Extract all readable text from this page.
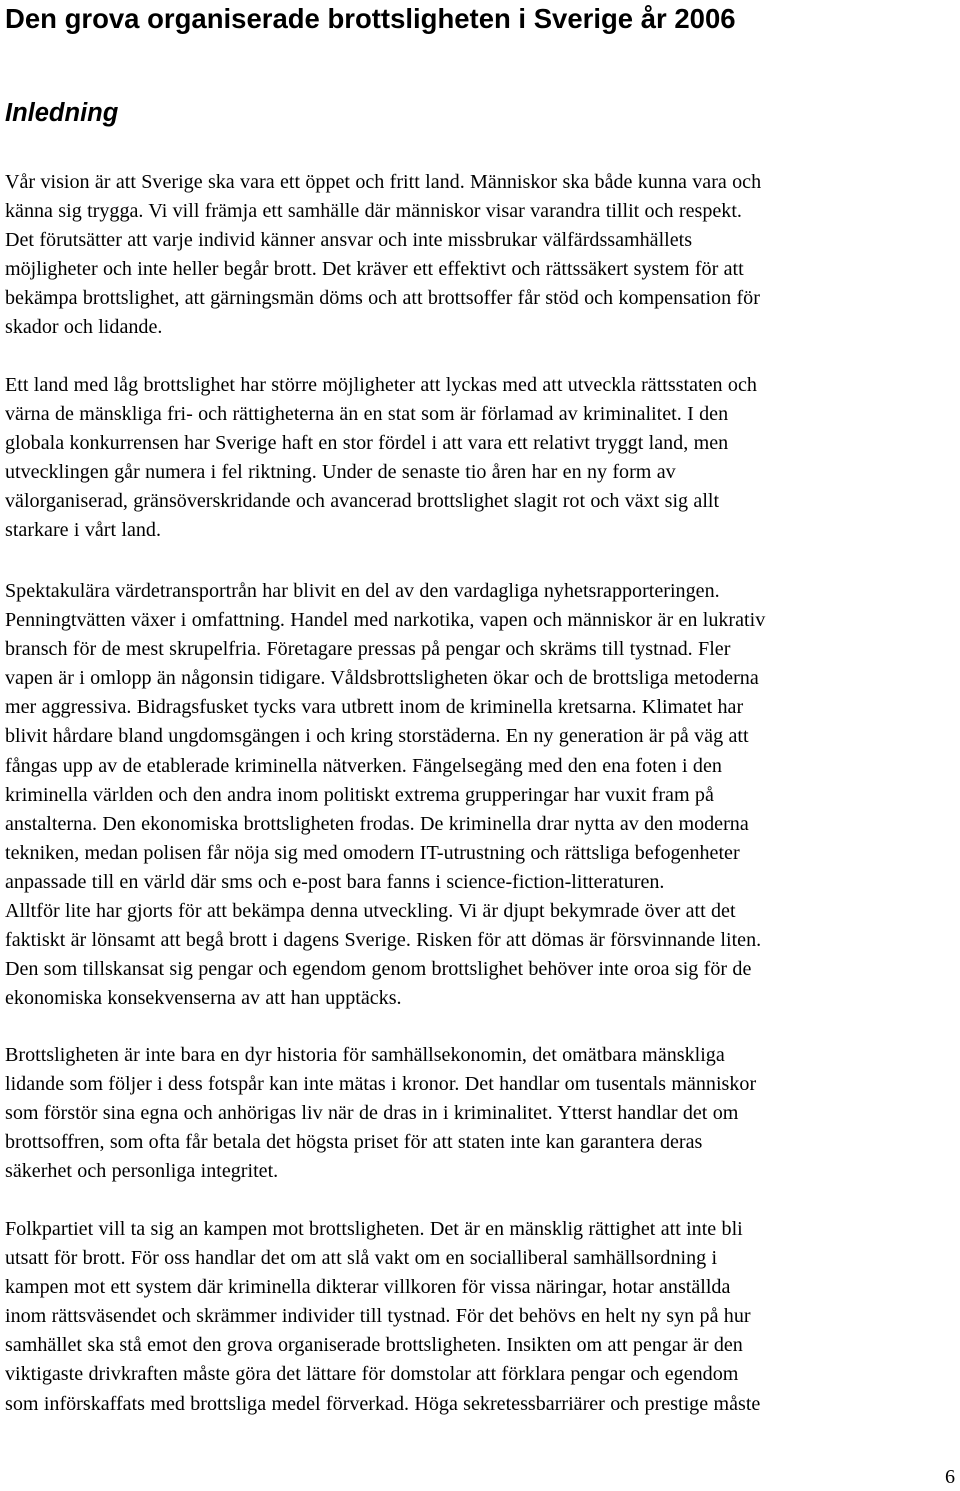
Den grova organiserade brottsligheten i Sverige år 2006
Inledning
Vår vision är att Sverige ska vara ett öppet och fritt land. Människor ska både kunna vara och
känna sig trygga. Vi vill främja ett samhälle där människor visar varandra tillit och respekt.
Det förutsätter att varje individ känner ansvar och inte missbrukar välfärdssamhällets
möjligheter och inte heller begår brott. Det kräver ett effektivt och rättssäkert system för att
bekämpa brottslighet, att gärningsmän döms och att brottsoffer får stöd och kompensation för
skador och lidande.
Ett land med låg brottslighet har större möjligheter att lyckas med att utveckla rättsstaten och
värna de mänskliga fri- och rättigheterna än en stat som är förlamad av kriminalitet. I den
globala konkurrensen har Sverige haft en stor fördel i att vara ett relativt tryggt land, men
utvecklingen går numera i fel riktning. Under de senaste tio åren har en ny form av
välorganiserad, gränsöverskridande och avancerad brottslighet slagit rot och växt sig allt
starkare i vårt land.
Spektakulära värdetransportrån har blivit en del av den vardagliga nyhetsrapporteringen.
Penningtvätten växer i omfattning. Handel med narkotika, vapen och människor är en lukrativ
bransch för de mest skrupelfria. Företagare pressas på pengar och skräms till tystnad. Fler
vapen är i omlopp än någonsin tidigare. Våldsbrottsligheten ökar och de brottsliga metoderna
mer aggressiva. Bidragsfusket tycks vara utbrett inom de kriminella kretsarna. Klimatet har
blivit hårdare bland ungdomsgängen i och kring storstäderna. En ny generation är på väg att
fångas upp av de etablerade kriminella nätverken. Fängelsegäng med den ena foten i den
kriminella världen och den andra inom politiskt extrema grupperingar har vuxit fram på
anstalterna. Den ekonomiska brottsligheten frodas. De kriminella drar nytta av den moderna
tekniken, medan polisen får nöja sig med omodern IT-utrustning och rättsliga befogenheter
anpassade till en värld där sms och e-post bara fanns i science-fiction-litteraturen.
Alltför lite har gjorts för att bekämpa denna utveckling. Vi är djupt bekymrade över att det
faktiskt är lönsamt att begå brott i dagens Sverige. Risken för att dömas är försvinnande liten.
Den som tillskansat sig pengar och egendom genom brottslighet behöver inte oroa sig för de
ekonomiska konsekvenserna av att han upptäcks.
Brottsligheten är inte bara en dyr historia för samhällsekonomin, det omätbara mänskliga
lidande som följer i dess fotspår kan inte mätas i kronor. Det handlar om tusentals människor
som förstör sina egna och anhörigas liv när de dras in i kriminalitet. Ytterst handlar det om
brottsoffren, som ofta får betala det högsta priset för att staten inte kan garantera deras
säkerhet och personliga integritet.
Folkpartiet vill ta sig an kampen mot brottsligheten. Det är en mänsklig rättighet att inte bli
utsatt för brott. För oss handlar det om att slå vakt om en socialliberal samhällsordning i
kampen mot ett system där kriminella dikterar villkoren för vissa näringar, hotar anställda
inom rättsväsendet och skrämmer individer till tystnad. För det behövs en helt ny syn på hur
samhället ska stå emot den grova organiserade brottsligheten. Insikten om att pengar är den
viktigaste drivkraften måste göra det lättare för domstolar att förklara pengar och egendom
som införskaffats med brottsliga medel förverkad. Höga sekretessbarriärer och prestige måste
6
